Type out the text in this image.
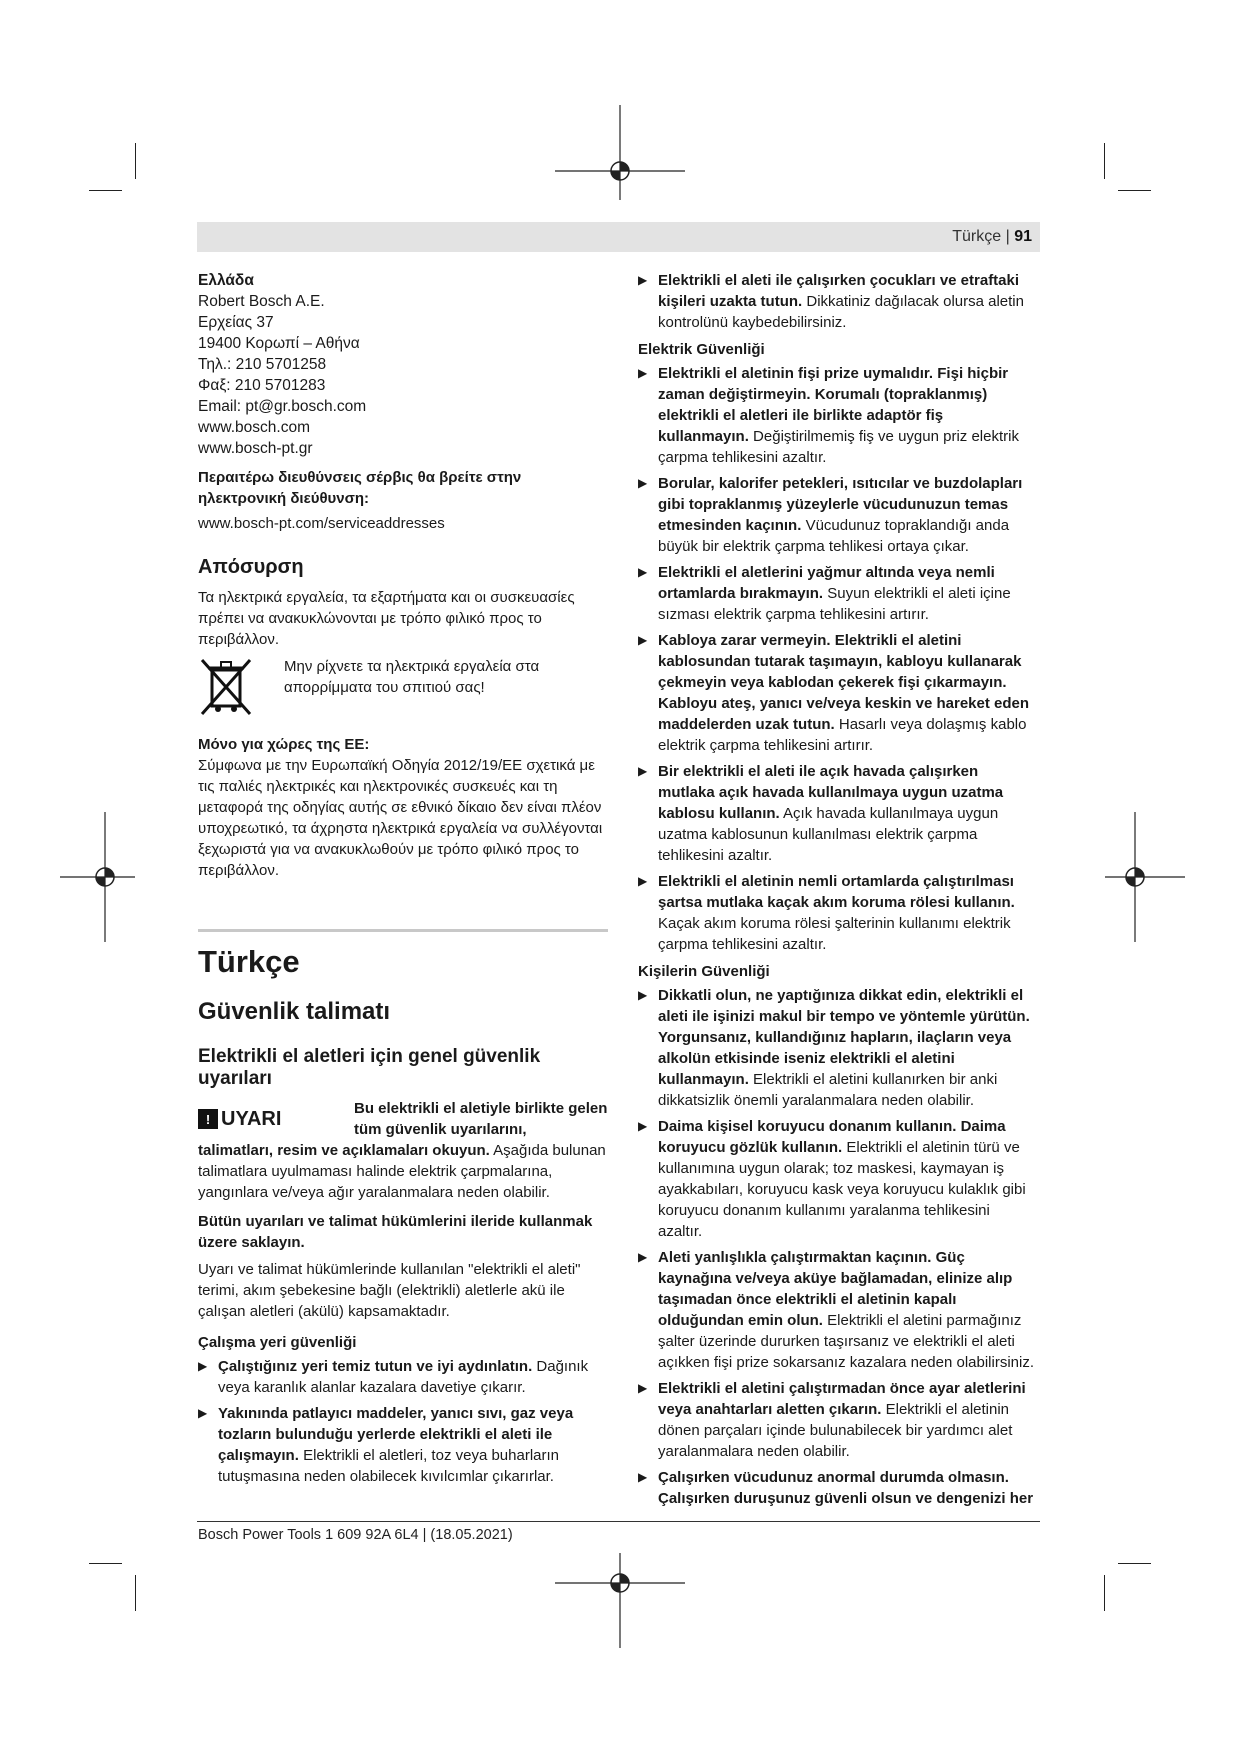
Türkçe | 91

Ελλάδα

Robert Bosch A.E.

Ερχείας 37

19400 Κορωπί – Αθήνα

Τηλ.: 210 5701258

Φαξ: 210 5701283

Email: pt@gr.bosch.com

www.bosch.com

www.bosch-pt.gr

Περαιτέρω διευθύνσεις σέρβις θα βρείτε στην ηλεκτρονική διεύθυνση:

www.bosch-pt.com/serviceaddresses

Απόσυρση

Τα ηλεκτρικά εργαλεία, τα εξαρτήματα και οι συσκευασίες πρέπει να ανακυκλώνονται με τρόπο φιλικό προς το περιβάλλον.

Μην ρίχνετε τα ηλεκτρικά εργαλεία στα απορρίμματα του σπιτιού σας!

Μόνο για χώρες της ΕΕ:

Σύμφωνα με την Ευρωπαϊκή Οδηγία 2012/19/ΕΕ σχετικά με τις παλιές ηλεκτρικές και ηλεκτρονικές συσκευές και τη μεταφορά της οδηγίας αυτής σε εθνικό δίκαιο δεν είναι πλέον υποχρεωτικό, τα άχρηστα ηλεκτρικά εργαλεία να συλλέγονται ξεχωριστά για να ανακυκλωθούν με τρόπο φιλικό προς το περιβάλλον.

Türkçe
Güvenlik talimatı
Elektrikli el aletleri için genel güvenlik uyarıları
! UYARI	Bu elektrikli el aletiyle birlikte gelen tüm güvenlik uyarılarını,

talimatları, resim ve açıklamaları okuyun. Aşağıda bulunan talimatlara uyulmaması halinde elektrik çarpmalarına, yangınlara ve/veya ağır yaralanmalara neden olabilir.

Bütün uyarıları ve talimat hükümlerini ileride kullanmak üzere saklayın.

Uyarı ve talimat hükümlerinde kullanılan "elektrikli el aleti" terimi, akım şebekesine bağlı (elektrikli) aletlerle akü ile çalışan aletleri (akülü) kapsamaktadır.

Çalışma yeri güvenliği

▶ Çalıştığınız yeri temiz tutun ve iyi aydınlatın. Dağınık veya karanlık alanlar kazalara davetiye çıkarır.
▶ Yakınında patlayıcı maddeler, yanıcı sıvı, gaz veya tozların bulunduğu yerlerde elektrikli el aleti ile çalışmayın. Elektrikli el aletleri, toz veya buharların tutuşmasına neden olabilecek kıvılcımlar çıkarırlar.
▶ Elektrikli el aleti ile çalışırken çocukları ve etraftaki kişileri uzakta tutun. Dikkatiniz dağılacak olursa aletin kontrolünü kaybedebilirsiniz.

Elektrik Güvenliği

▶ Elektrikli el aletinin fişi prize uymalıdır. Fişi hiçbir zaman değiştirmeyin. Korumalı (topraklanmış) elektrikli el aletleri ile birlikte adaptör fiş kullanmayın. Değiştirilmemiş fiş ve uygun priz elektrik çarpma tehlikesini azaltır.
▶ Borular, kalorifer petekleri, ısıtıcılar ve buzdolapları gibi topraklanmış yüzeylerle vücudunuzun temas etmesinden kaçının. Vücudunuz topraklandığı anda büyük bir elektrik çarpma tehlikesi ortaya çıkar.
▶ Elektrikli el aletlerini yağmur altında veya nemli ortamlarda bırakmayın. Suyun elektrikli el aleti içine sızması elektrik çarpma tehlikesini artırır.
▶ Kabloya zarar vermeyin. Elektrikli el aletini kablosundan tutarak taşımayın, kabloyu kullanarak çekmeyin veya kablodan çekerek fişi çıkarmayın. Kabloyu ateş, yanıcı ve/veya keskin ve hareket eden maddelerden uzak tutun. Hasarlı veya dolaşmış kablo elektrik çarpma tehlikesini artırır.
▶ Bir elektrikli el aleti ile açık havada çalışırken mutlaka açık havada kullanılmaya uygun uzatma kablosu kullanın. Açık havada kullanılmaya uygun uzatma kablosunun kullanılması elektrik çarpma tehlikesini azaltır.
▶ Elektrikli el aletinin nemli ortamlarda çalıştırılması şartsa mutlaka kaçak akım koruma rölesi kullanın. Kaçak akım koruma rölesi şalterinin kullanımı elektrik çarpma tehlikesini azaltır.

Kişilerin Güvenliği

▶ Dikkatli olun, ne yaptığınıza dikkat edin, elektrikli el aleti ile işinizi makul bir tempo ve yöntemle yürütün. Yorgunsanız, kullandığınız hapların, ilaçların veya alkolün etkisinde iseniz elektrikli el aletini kullanmayın. Elektrikli el aletini kullanırken bir anki dikkatsizlik önemli yaralanmalara neden olabilir.
▶ Daima kişisel koruyucu donanım kullanın. Daima koruyucu gözlük kullanın. Elektrikli el aletinin türü ve kullanımına uygun olarak; toz maskesi, kaymayan iş ayakkabıları, koruyucu kask veya koruyucu kulaklık gibi koruyucu donanım kullanımı yaralanma tehlikesini azaltır.
▶ Aleti yanlışlıkla çalıştırmaktan kaçının. Güç kaynağına ve/veya aküye bağlamadan, elinize alıp taşımadan önce elektrikli el aletinin kapalı olduğundan emin olun. Elektrikli el aletini parmağınız şalter üzerinde dururken taşırsanız ve elektrikli el aleti açıkken fişi prize sokarsanız kazalara neden olabilirsiniz.
▶ Elektrikli el aletini çalıştırmadan önce ayar aletlerini veya anahtarları aletten çıkarın. Elektrikli el aletinin dönen parçaları içinde bulunabilecek bir yardımcı alet yaralanmalara neden olabilir.
▶ Çalışırken vücudunuz anormal durumda olmasın. Çalışırken duruşunuz güvenli olsun ve dengenizi her
Bosch Power Tools 1 609 92A 6L4 | (18.05.2021)
